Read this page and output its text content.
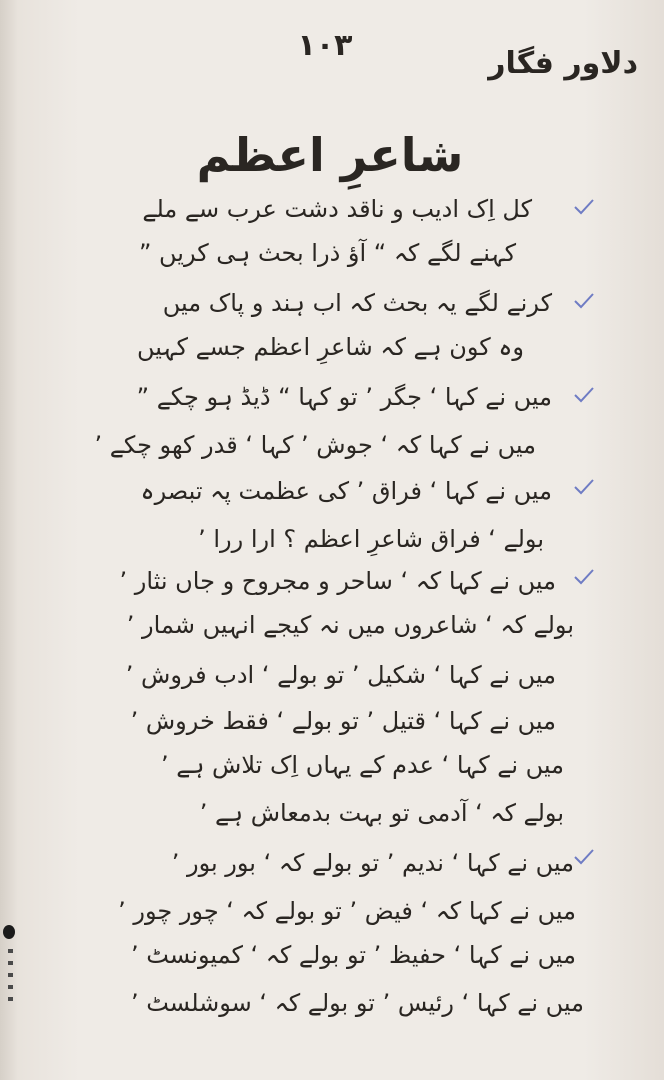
۱۰۳
دلاور فگار
شاعرِ اعظم
کل اِک ادیب و ناقد دشت عرب سے ملے
کہنے لگے کہ “ آؤ ذرا بحث ہی کریں ”
کرنے لگے یہ بحث کہ اب ہند و پاک میں
وہ کون ہے کہ شاعرِ اعظم جسے کہیں
میں نے کہا ‘ جگر ’ تو کہا “ ڈیڈ ہو چکے ”
میں نے کہا کہ ‘ جوش ’ کہا ‘ قدر کھو چکے ’
میں نے کہا ‘ فراق ’ کی عظمت پہ تبصرہ
بولے ‘ فراق شاعرِ اعظم ؟ ارا ررا ’
میں نے کہا کہ ‘ ساحر و مجروح و جاں نثار ’
بولے کہ ‘ شاعروں میں نہ کیجے انہیں شمار ’
میں نے کہا ‘ شکیل ’ تو بولے ‘ ادب فروش ’
میں نے کہا ‘ قتیل ’ تو بولے ‘ فقط خروش ’
میں نے کہا ‘ عدم کے یہاں اِک تلاش ہے ’
بولے کہ ‘ آدمی تو بہت بدمعاش ہے ’
میں نے کہا ‘ ندیم ’ تو بولے کہ ‘ بور بور ’
میں نے کہا کہ ‘ فیض ’ تو بولے کہ ‘ چور چور ’
میں نے کہا ‘ حفیظ ’ تو بولے کہ ‘ کمیونسٹ ’
میں نے کہا ‘ رئیس ’ تو بولے کہ ‘ سوشلسٹ ’
